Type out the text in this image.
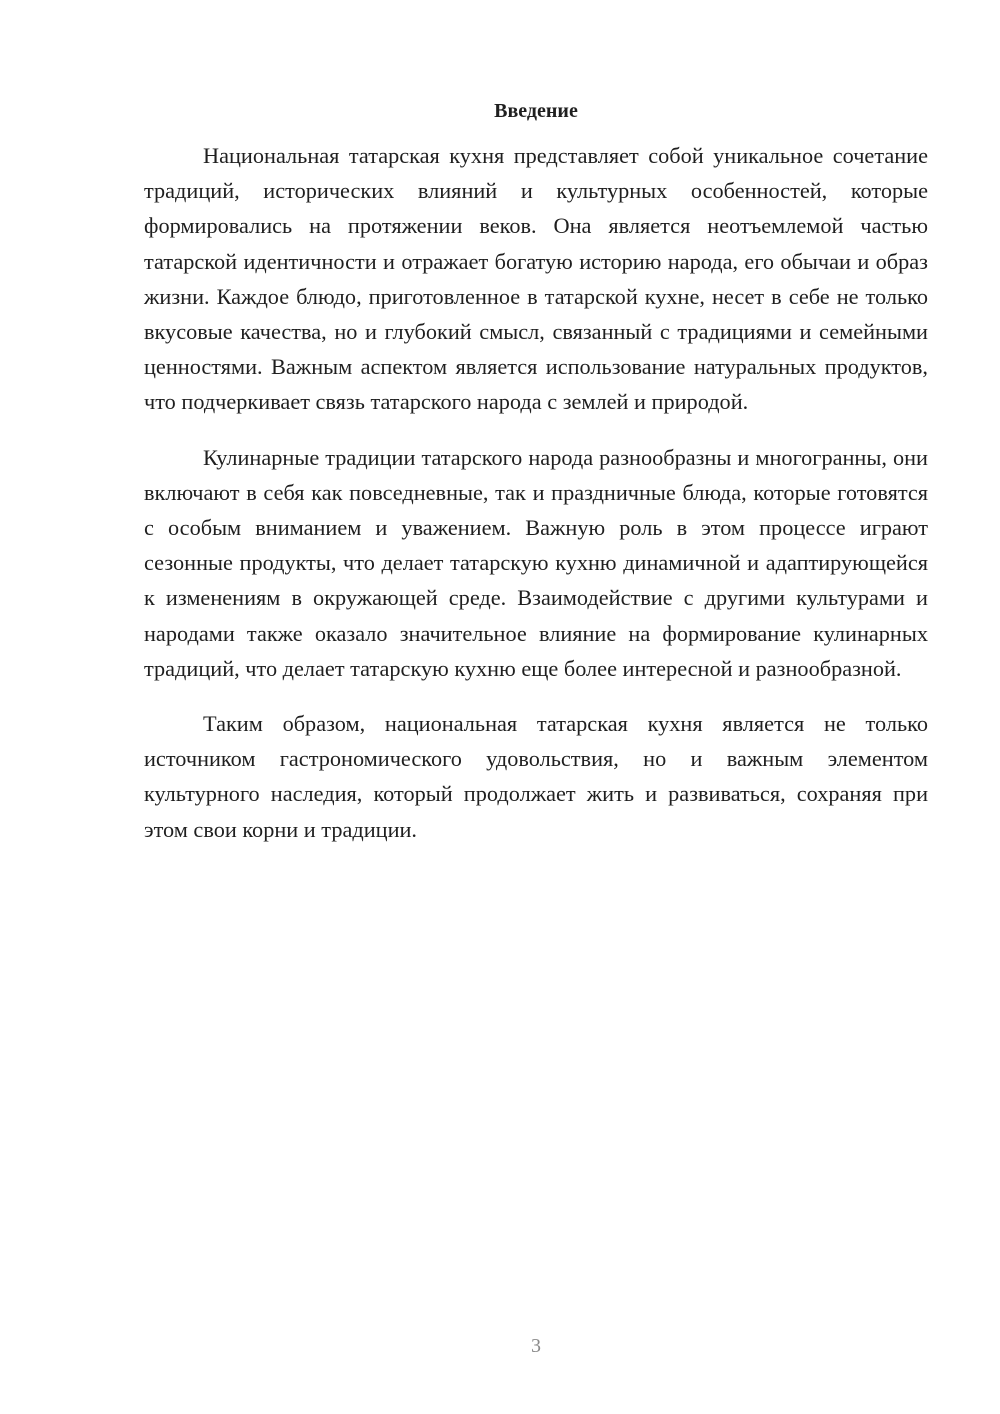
Введение

Национальная татарская кухня представляет собой уникальное сочетание традиций, исторических влияний и культурных особенностей, которые формировались на протяжении веков. Она является неотъемлемой частью татарской идентичности и отражает богатую историю народа, его обычаи и образ жизни. Каждое блюдо, приготовленное в татарской кухне, несет в себе не только вкусовые качества, но и глубокий смысл, связанный с традициями и семейными ценностями. Важным аспектом является использование натуральных продуктов, что подчеркивает связь татарского народа с землей и природой.

Кулинарные традиции татарского народа разнообразны и многогранны, они включают в себя как повседневные, так и праздничные блюда, которые готовятся с особым вниманием и уважением. Важную роль в этом процессе играют сезонные продукты, что делает татарскую кухню динамичной и адаптирующейся к изменениям в окружающей среде. Взаимодействие с другими культурами и народами также оказало значительное влияние на формирование кулинарных традиций, что делает татарскую кухню еще более интересной и разнообразной.

Таким образом, национальная татарская кухня является не только источником гастрономического удовольствия, но и важным элементом культурного наследия, который продолжает жить и развиваться, сохраняя при этом свои корни и традиции.

3
